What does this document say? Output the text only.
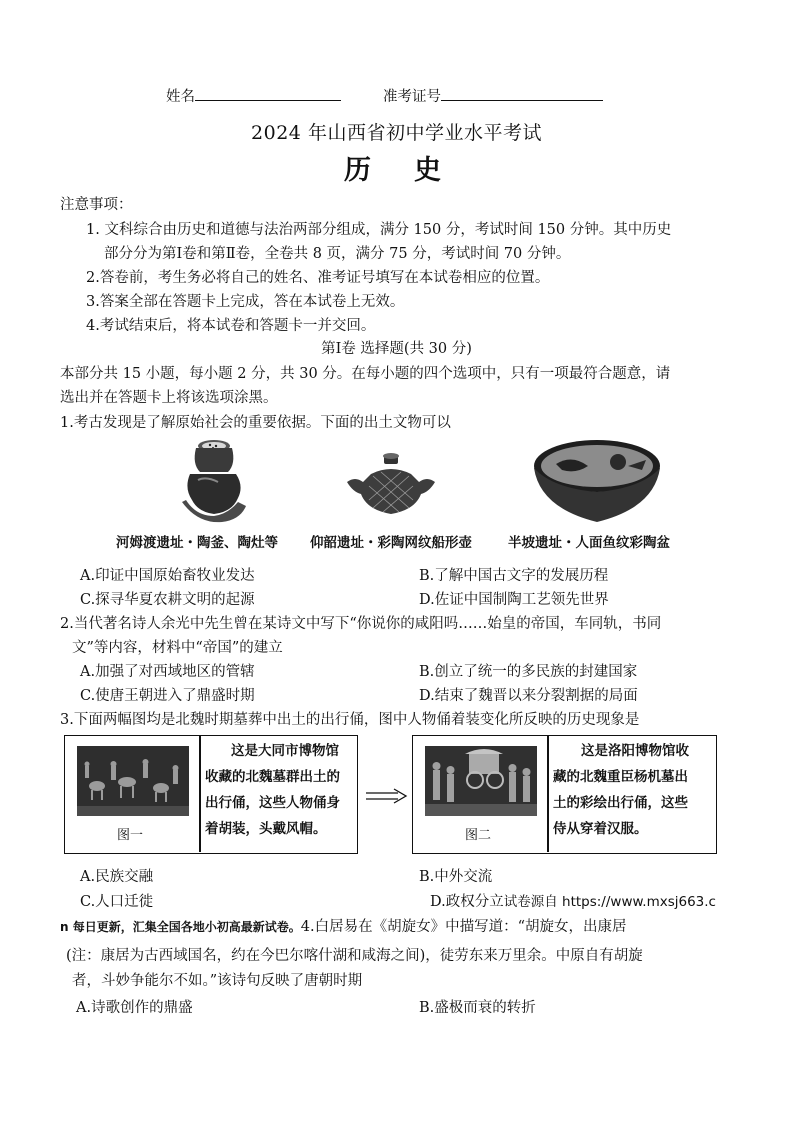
姓名	准考证号
2024 年山西省初中学业水平考试
历　史
注意事项：
1. 文科综合由历史和道德与法治两部分组成，满分 150 分，考试时间 150 分钟。其中历史
部分分为第Ⅰ卷和第Ⅱ卷，全卷共 8 页，满分 75 分，考试时间 70 分钟。
2.答卷前，考生务必将自己的姓名、准考证号填写在本试卷相应的位置。
3.答案全部在答题卡上完成，答在本试卷上无效。
4.考试结束后，将本试卷和答题卡一并交回。
第Ⅰ卷 选择题(共 30 分)
本部分共 15 小题，每小题 2 分，共 30 分。在每小题的四个选项中，只有一项最符合题意，请
选出并在答题卡上将该选项涂黑。
1.考古发现是了解原始社会的重要依据。下面的出土文物可以
河姆渡遗址・陶釜、陶灶等 仰韶遗址・彩陶网纹船形壶	半坡遗址・人面鱼纹彩陶盆
A.印证中国原始畜牧业发达	B.了解中国古文字的发展历程
C.探寻华夏农耕文明的起源	D.佐证中国制陶工艺领先世界
2.当代著名诗人余光中先生曾在某诗文中写下“你说你的咸阳吗……始皇的帝国，车同轨，书同
文”等内容，材料中“帝国”的建立
A.加强了对西域地区的管辖	B.创立了统一的多民族的封建国家
C.使唐王朝进入了鼎盛时期	D.结束了魏晋以来分裂割据的局面
3.下面两幅图均是北魏时期墓葬中出土的出行俑，图中人物俑着装变化所反映的历史现象是
图一
这是大同市博物馆
收藏的北魏墓群出土的
出行俑，这些人物俑身
着胡装，头戴风帽。	图二
这是洛阳博物馆收
藏的北魏重臣杨机墓出
土的彩绘出行俑，这些
侍从穿着汉服。
A.民族交融	B.中外交流
C.人口迁徙	D.政权分立试卷源自 https://www.mxsj663.c
n 每日更新，汇集全国各地小初高最新试卷。4.白居易在《胡旋女》中描写道：“胡旋女，出康居
(注：康居为古西域国名，约在今巴尔喀什湖和咸海之间)，徒劳东来万里余。中原自有胡旋
者，斗妙争能尔不如。”该诗句反映了唐朝时期
A.诗歌创作的鼎盛	B.盛极而衰的转折
